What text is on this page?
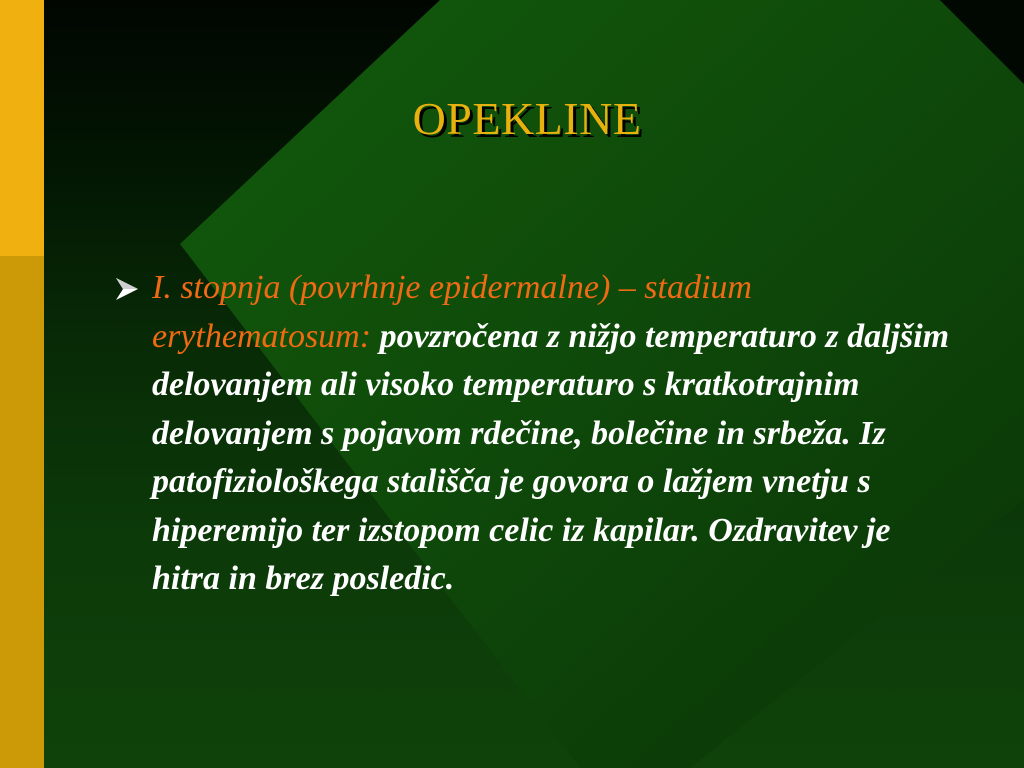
OPEKLINE
I. stopnja (povrhnje epidermalne) – stadium erythematosum: povzročena z nižjo temperaturo z daljšim delovanjem ali visoko temperaturo s kratkotrajnim delovanjem s pojavom rdečine, bolečine in srbeža. Iz patofiziološkega stališča je govora o lažjem vnetju s hiperemijo ter izstopom celic iz kapilar. Ozdravitev je hitra in brez posledic.
